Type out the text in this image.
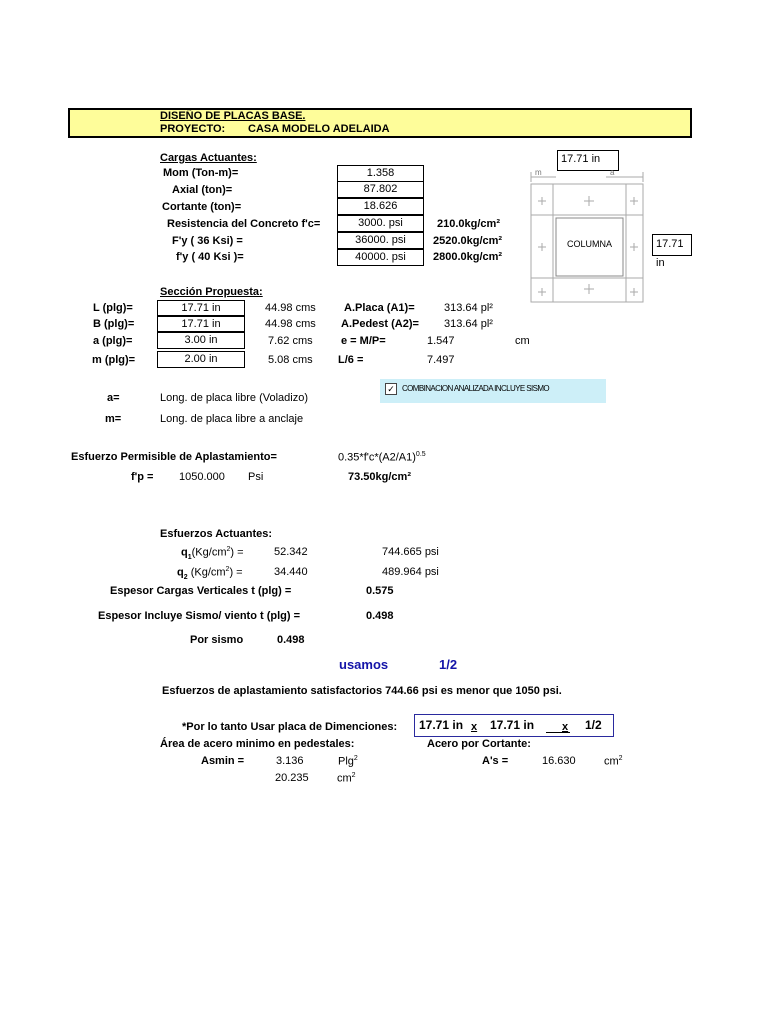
DISEÑO DE PLACAS BASE.
PROYECTO: CASA MODELO ADELAIDA
Cargas Actuantes:
Mom (Ton-m)=	1.358
Axial (ton)=	87.802
Cortante (ton)=	18.626
Resistencia del Concreto f'c=	3000. psi	210.0kg/cm²
F'y ( 36 Ksi) =	36000. psi	2520.0kg/cm²
f'y ( 40 Ksi )=	40000. psi	2800.0kg/cm²
17.71 in
17.71 in
m	a
COLUMNA
Sección Propuesta:
L (plg)=	17.71 in	44.98 cms	A.Placa (A1)=	313.64 pl²
B (plg)=	17.71 in	44.98 cms A.Pedest (A2)= 313.64 pl²
a (plg)=	3.00 in	7.62 cms	e = M/P=	1.547	cm
m (plg)=	2.00 in	5.08 cms L/6 =	7.497
✓ COMBINACION ANALIZADA INCLUYE SISMO
a=	Long. de placa libre (Voladizo)
m=	Long. de placa libre a anclaje
Esfuerzo Permisible de Aplastamiento=	$0.35*f'c*(A2/A1)^{0.5}$
f'p = 1050.000 Psi	73.50kg/cm²
Esfuerzos Actuantes:
$q_1(Kg/cm^2)$ =	52.342	744.665 psi
$q_2$ $(Kg/cm^2)$ =	34.440	489.964 psi
Espesor Cargas Verticales t (plg) =	0.575
Espesor Incluye Sismo/ viento t (plg) =	0.498
Por sismo	0.498
usamos	1/2
Esfuerzos de aplastamiento satisfactorios 744.66 psi es menor que 1050 psi.
*Por lo tanto Usar placa de Dimenciones: 17.71 in x 17.71 in	x 1/2
Área de acero minimo en pedestales:
Asmin =	3.136	Plg$^2$
20.235	$cm^2$
Acero por Cortante:
A's =	16.630	$cm^2$
